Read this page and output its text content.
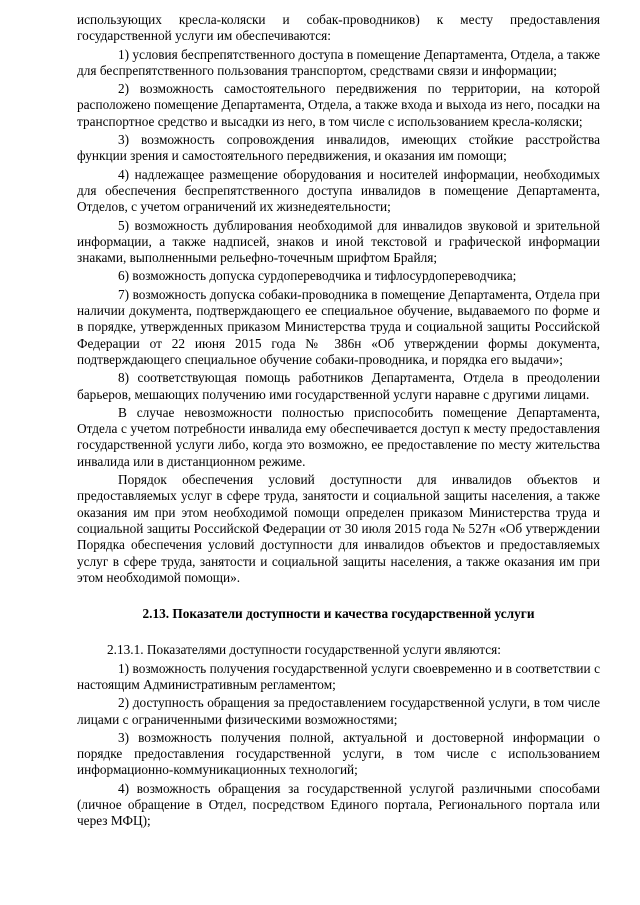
использующих кресла-коляски и собак-проводников) к месту предоставления государственной услуги им обеспечиваются:

1) условия беспрепятственного доступа в помещение Департамента, Отдела, а также для беспрепятственного пользования транспортом, средствами связи и информации;

2) возможность самостоятельного передвижения по территории, на которой расположено помещение Департамента, Отдела, а также входа и выхода из него, посадки на транспортное средство и высадки из него, в том числе с использованием кресла-коляски;

3) возможность сопровождения инвалидов, имеющих стойкие расстройства функции зрения и самостоятельного передвижения, и оказания им помощи;

4) надлежащее размещение оборудования и носителей информации, необходимых для обеспечения беспрепятственного доступа инвалидов в помещение Департамента, Отделов, с учетом ограничений их жизнедеятельности;

5) возможность дублирования необходимой для инвалидов звуковой и зрительной информации, а также надписей, знаков и иной текстовой и графической информации знаками, выполненными рельефно-точечным шрифтом Брайля;

6) возможность допуска сурдопереводчика и тифлосурдопереводчика;

7) возможность допуска собаки-проводника в помещение Департамента, Отдела при наличии документа, подтверждающего ее специальное обучение, выдаваемого по форме и в порядке, утвержденных приказом Министерства труда и социальной защиты Российской Федерации от 22 июня 2015 года № 386н «Об утверждении формы документа, подтверждающего специальное обучение собаки-проводника, и порядка его выдачи»;

8) соответствующая помощь работников Департамента, Отдела в преодолении барьеров, мешающих получению ими государственной услуги наравне с другими лицами.

В случае невозможности полностью приспособить помещение Департамента, Отдела с учетом потребности инвалида ему обеспечивается доступ к месту предоставления государственной услуги либо, когда это возможно, ее предоставление по месту жительства инвалида или в дистанционном режиме.

Порядок обеспечения условий доступности для инвалидов объектов и предоставляемых услуг в сфере труда, занятости и социальной защиты населения, а также оказания им при этом необходимой помощи определен приказом Министерства труда и социальной защиты Российской Федерации от 30 июля 2015 года № 527н «Об утверждении Порядка обеспечения условий доступности для инвалидов объектов и предоставляемых услуг в сфере труда, занятости и социальной защиты населения, а также оказания им при этом необходимой помощи».

2.13. Показатели доступности и качества государственной услуги

2.13.1. Показателями доступности государственной услуги являются:

1) возможность получения государственной услуги своевременно и в соответствии с настоящим Административным регламентом;

2) доступность обращения за предоставлением государственной услуги, в том числе лицами с ограниченными физическими возможностями;

3) возможность получения полной, актуальной и достоверной информации о порядке предоставления государственной услуги, в том числе с использованием информационно-коммуникационных технологий;

4) возможность обращения за государственной услугой различными способами (личное обращение в Отдел, посредством Единого портала, Регионального портала или через МФЦ);
